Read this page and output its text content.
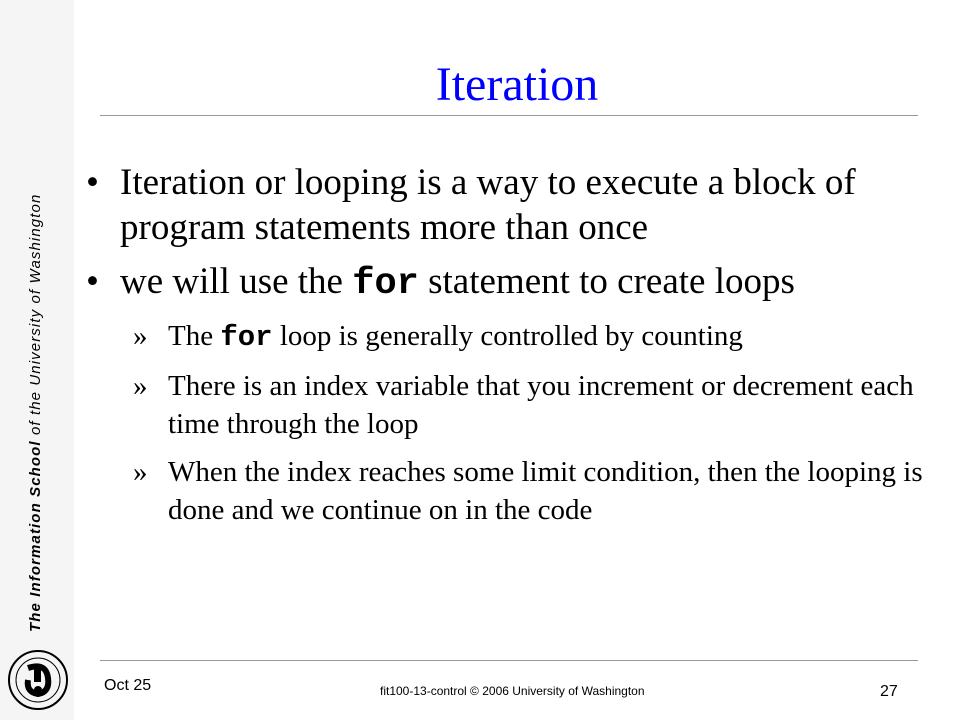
The Information School of the University of Washington
Iteration
• Iteration or looping is a way to execute a block of program statements more than once
• we will use the for statement to create loops
» The for loop is generally controlled by counting
» There is an index variable that you increment or decrement each time through the loop
» When the index reaches some limit condition, then the looping is done and we continue on in the code
Oct 25	fit100-13-control © 2006 University of Washington	27
